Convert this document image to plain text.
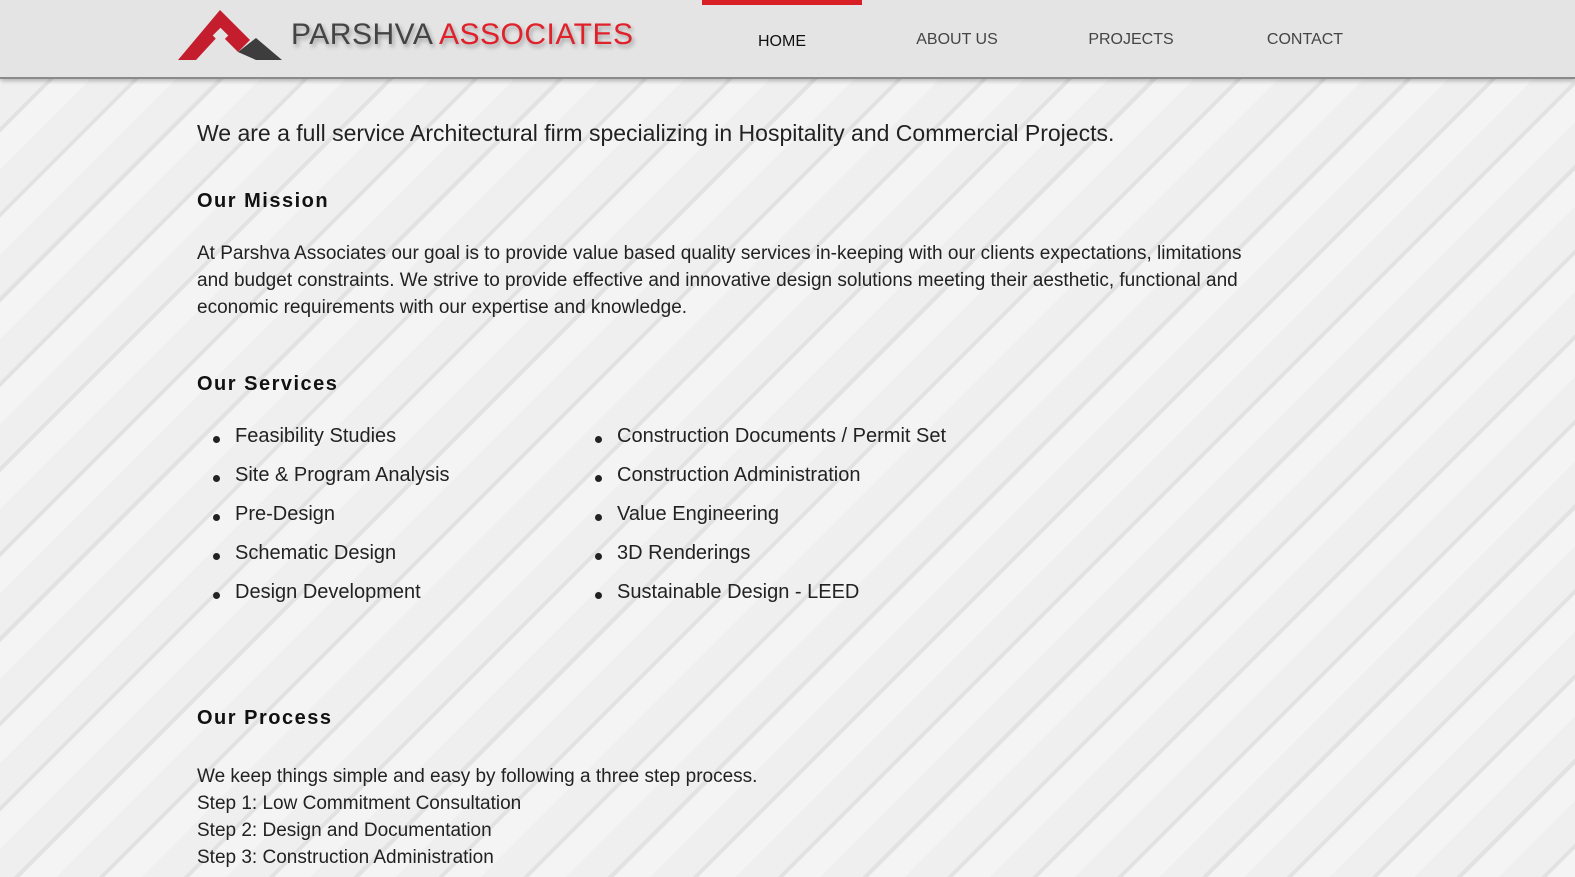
PARSHVA ASSOCIATES	HOME	ABOUT US	PROJECTS	CONTACT
We are a full service Architectural firm specializing in Hospitality and Commercial Projects.
Our Mission
At Parshva Associates our goal is to provide value based quality services in-keeping with our clients expectations, limitations and budget constraints. We strive to provide effective and innovative design solutions meeting their aesthetic, functional and economic requirements with our expertise and knowledge.
Our Services
Feasibility Studies
Site & Program Analysis
Pre-Design
Schematic Design
Design Development
Construction Documents / Permit Set
Construction Administration
Value Engineering
3D Renderings
Sustainable Design - LEED
Our Process
We keep things simple and easy by following a three step process.
Step 1: Low Commitment Consultation
Step 2: Design and Documentation
Step 3: Construction Administration
